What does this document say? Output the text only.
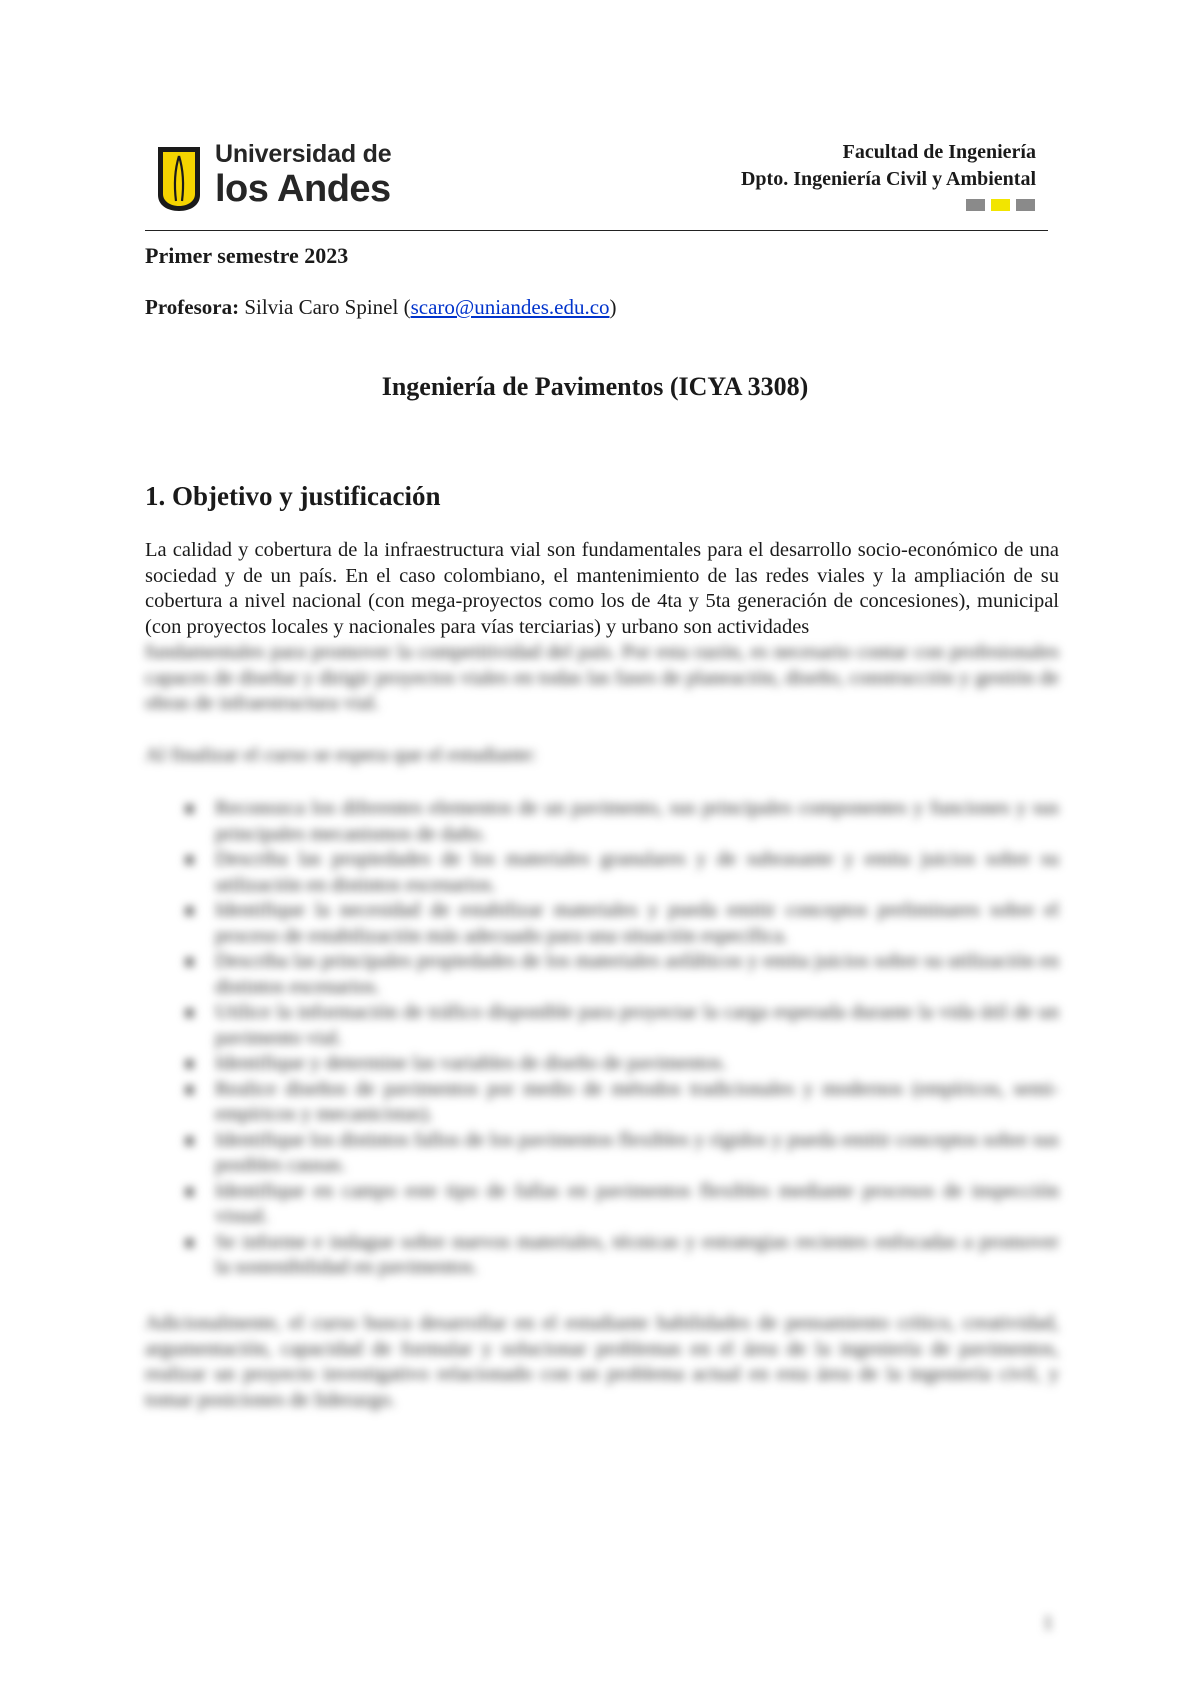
Universidad de
los Andes
Facultad de Ingeniería
Dpto. Ingeniería Civil y Ambiental
Primer semestre 2023
Profesora: Silvia Caro Spinel (scaro@uniandes.edu.co)
Ingeniería de Pavimentos (ICYA 3308)
1. Objetivo y justificación

La calidad y cobertura de la infraestructura vial son fundamentales para el desarrollo socio-económico de una sociedad y de un país. En el caso colombiano, el mantenimiento de las redes viales y la ampliación de su cobertura a nivel nacional (con mega-proyectos como los de 4ta y 5ta generación de concesiones), municipal (con proyectos locales y nacionales para vías terciarias) y urbano son actividades

fundamentales para promover la competitividad del país. Por esta razón, es necesario contar con profesionales capaces de diseñar y dirigir proyectos viales en todas las fases de planeación, diseño, construcción y gestión de obras de infraestructura vial.

Al finalizar el curso se espera que el estudiante:
Reconozca los diferentes elementos de un pavimento, sus principales componentes y funciones y sus principales mecanismos de daño.
Describa las propiedades de los materiales granulares y de subrasante y emita juicios sobre su utilización en distintos escenarios.
Identifique la necesidad de estabilizar materiales y pueda emitir conceptos preliminares sobre el proceso de estabilización más adecuado para una situación específica.
Describa las principales propiedades de los materiales asfálticos y emita juicios sobre su utilización en distintos escenarios.
Utilice la información de tráfico disponible para proyectar la carga esperada durante la vida útil de un pavimento vial.
Identifique y determine las variables de diseño de pavimentos.
Realice diseños de pavimentos por medio de métodos tradicionales y modernos (empíricos, semi-empíricos y mecanicistas).
Identifique los distintos fallos de los pavimentos flexibles y rígidos y pueda emitir conceptos sobre sus posibles causas.
Identifique en campo este tipo de fallas en pavimentos flexibles mediante procesos de inspección visual.
Se informe e indague sobre nuevos materiales, técnicas y estrategias recientes enfocadas a promover la sostenibilidad en pavimentos.

Adicionalmente, el curso busca desarrollar en el estudiante habilidades de pensamiento crítico, creatividad, argumentación, capacidad de formular y solucionar problemas en el área de la ingeniería de pavimentos, realizar un proyecto investigativo relacionado con un problema actual en esta área de la ingeniería civil, y tomar posiciones de liderazgo.

1
